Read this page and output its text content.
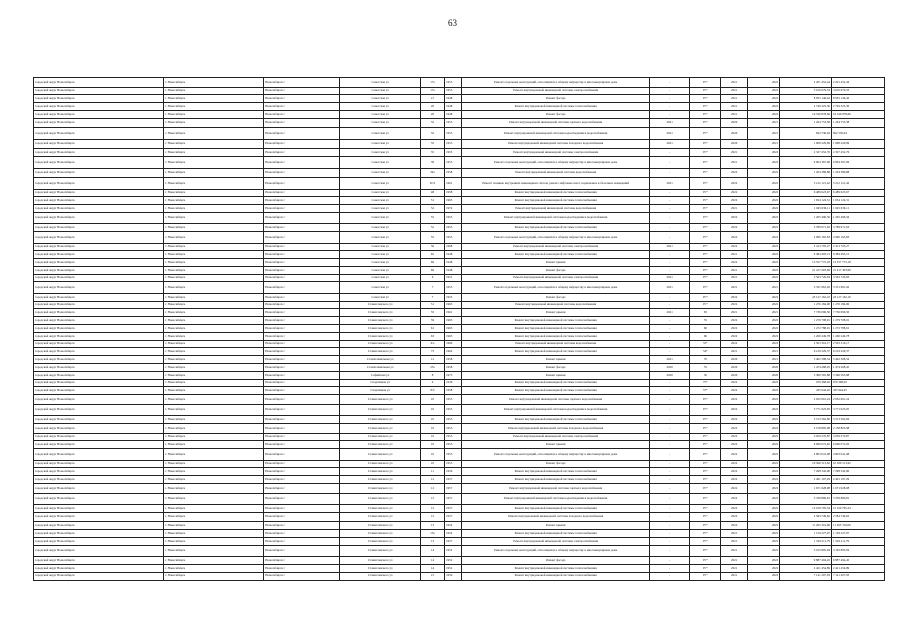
63
городской округ Новосибирск	г. Новосибирск	Новосибирск г	Советская ул	17а	1955	Ремонт отдельных конструкций, относящихся к общему имуществу в многоквартирном доме	-	IV*	2021	2022	2 201 452,44	2 201 452,44
городской округ Новосибирск	г. Новосибирск	Новосибирск г	Советская ул	17а	1955	Ремонт внутридомовой инженерной системы электроснабжения	-	IV*	2021	2022	3 610 679,33	3 610 679,33
городской округ Новосибирск	г. Новосибирск	Новосибирск г	Советская ул	21	1948	Ремонт фасада	-	IV*	2021	2022	8 955 146,42	8 955 146,42
городской округ Новосибирск	г. Новосибирск	Новосибирск г	Советская ул	26	1948	Ремонт внутридомовой инженерной системы теплоснабжения	-	IV*	2021	2022	2 749 325,30	2 749 325,30
городской округ Новосибирск	г. Новосибирск	Новосибирск г	Советская ул	26	1948	Ремонт фасада	-	IV*	2021	2022	19 549 878,66	19 549 878,66
городской округ Новосибирск	г. Новосибирск	Новосибирск г	Советская ул	32	1953	Ремонт внутридомовой инженерной системы горячего водоснабжения	2021	IV*	2020	2021	1 264 753,38	1 264 753,38
городской округ Новосибирск	г. Новосибирск	Новосибирск г	Советская ул	32	1953	Ремонт внутридомовой инженерной системы водоотведения и водоснабжения	2021	IV*	2020	2021	822 536,94	822 536,94
городской округ Новосибирск	г. Новосибирск	Новосибирск г	Советская ул	35	1953	Ремонт внутридомовой инженерной системы холодного водоснабжения	2021	IV*	2020	2021	1 908 229,99	1 908 229,99
городской округ Новосибирск	г. Новосибирск	Новосибирск г	Советская ул	35	1953	Ремонт внутридомовой инженерной системы электроснабжения	-	IV*	2021	2022	2 327 452,76	2 327 452,76
городской округ Новосибирск	г. Новосибирск	Новосибирск г	Советская ул	39	1953	Ремонт отдельных конструкций, относящихся к общему имуществу в многоквартирном доме	-	IV*	2021	2022	9 904 367,06	9 904 367,06
городской округ Новосибирск	г. Новосибирск	Новосибирск г	Советская ул	34а	1958	Ремонт внутридомовой инженерной системы водоснабжения	-	IV*	2022	2022	1 204 386,88	1 204 386,88
городской округ Новосибирск	г. Новосибирск	Новосибирск г	Советская ул	Б/Л	1961	Ремонт техники, внутренних инженерных систем, ремонт лифтовых шахт, подвальных и балочных помещений	2021	IV*	2022	2022	5 212 121,42	5 212 121,42
городской округ Новосибирск	г. Новосибирск	Новосибирск г	Советская ул	48	1958	Ремонт внутридомовой инженерной системы теплоснабжения	-	IV*	2022	2022	6 489 623,67	6 489 623,67
городской округ Новосибирск	г. Новосибирск	Новосибирск г	Советская ул	51	1963	Ремонт внутридомовой инженерной системы теплоснабжения	-	IV*	2022	2022	1 654 124,31	1 654 124,31
городской округ Новосибирск	г. Новосибирск	Новосибирск г	Советская ул	52	1974	Ремонт внутридомовой инженерной системы водоснабжения	-	IV*	2021	2022	1 945 636,11	1 945 636,11
городской округ Новосибирск	г. Новосибирск	Новосибирск г	Советская ул	55	1953	Ремонт внутридомовой инженерной системы водоотведения и водоснабжения	-	IV*	2022	2022	1 265 496,56	1 265 496,56
городской округ Новосибирск	г. Новосибирск	Новосибирск г	Советская ул	52	1953	Ремонт внутридомовой инженерной системы теплоснабжения	-	IV*	2022	2022	3 789 971,63	3 789 971,63
городской округ Новосибирск	г. Новосибирск	Новосибирск г	Советская ул	55	1953	Ремонт отдельных конструкций, относящихся к общему имуществу в многоквартирном доме	-	IV*	2022	2022	2 990 165,83	2 990 165,83
городской округ Новосибирск	г. Новосибирск	Новосибирск г	Советская ул	56	1968	Ремонт внутридомовой инженерной системы электроснабжения	2021	IV*	2022	2022	2 413 705,27	2 413 705,27
городской округ Новосибирск	г. Новосибирск	Новосибирск г	Советская ул	65	1948	Ремонт внутридомовой инженерной системы теплоснабжения	-	IV*	2021	2022	9 384 495,15	9 384 495,15
городской округ Новосибирск	г. Новосибирск	Новосибирск г	Советская ул	69	1948	Ремонт крыши	-	IV*	2022	2022	13 557 772,18	13 557 772,18
городской округ Новосибирск	г. Новосибирск	Новосибирск г	Советская ул	69	1948	Ремонт фасада	-	IV*	2021	2022	21 417 403,69	21 417 403,69
городской округ Новосибирск	г. Новосибирск	Новосибирск г	Советская ул	6	1951	Ремонт внутридомовой инженерной системы электроснабжения	2021	IV*	2021	2022	3 563 720,93	3 563 720,93
городской округ Новосибирск	г. Новосибирск	Новосибирск г	Советская ул	7	1955	Ремонт отдельных конструкций, относящихся к общему имуществу в многоквартирном доме	2021	IV*	2021	2021	3 331 981,92	3 331 981,92
городской округ Новосибирск	г. Новосибирск	Новосибирск г	Советская ул	7	1955	Ремонт фасада	-	IV*	2022	2022	43 127 162,10	43 127 162,10
городской округ Новосибирск	г. Новосибирск	Новосибирск г	Станиславского ул	51	1963	Ремонт внутридомовой инженерной системы водоснабжения	-	IV*	2022	2022	1 276 184,90	1 276 184,90
городской округ Новосибирск	г. Новосибирск	Новосибирск г	Станиславского ул	55	1961	Ремонт крыши	2021	65	2021	2021	7 736 096,50	7 736 096,50
городской округ Новосибирск	г. Новосибирск	Новосибирск г	Станиславского ул	59	1963	Ремонт внутридомовой инженерной системы теплоснабжения	-	55	2022	2022	1 279 708,91	1 279 708,91
городской округ Новосибирск	г. Новосибирск	Новосибирск г	Станиславского ул	61	1963	Ремонт внутридомовой инженерной системы теплоснабжения	-	60	2022	2022	1 272 788,91	1 272 788,91
городской округ Новосибирск	г. Новосибирск	Новосибирск г	Станиславского ул	63	1963	Ремонт внутридомовой инженерной системы теплоснабжения	-	60	2022	2022	1 260 249,78	1 260 249,78
городской округ Новосибирск	г. Новосибирск	Новосибирск г	Станиславского ул	6/а	1960	Ремонт внутридомовой инженерной системы водоснабжения	-	55*	2022	2022	2 503 316,17	2 503 316,17
городской округ Новосибирск	г. Новосибирск	Новосибирск г	Станиславского ул	75	1964	Ремонт внутридомовой инженерной системы теплоснабжения	-	54*	2021	2021	6 219 229,37	6 219 229,37
городской округ Новосибирск	г. Новосибирск	Новосибирск г	Сталеплавильная ул	12	1958	Ремонт крыши	2021	70	2020	2021	5 402 308,34	5 402 308,34
городской округ Новосибирск	г. Новосибирск	Новосибирск г	Сталеплавильная ул	23а	1958	Ремонт фасада	2020	55	2020	2020	1 474 268,45	1 474 268,45
городской округ Новосибирск	г. Новосибирск	Новосибирск г	Софийская ул	8	1973	Ремонт крыши	2020	50	2020	2020	5 366 565,88	5 366 565,88
городской округ Новосибирск	г. Новосибирск	Новосибирск г	Спортивная ул	4	1936	Ремонт внутридомовой инженерной системы теплоснабжения	-	75*	2022	2022	979 368,92	979 368,92
городской округ Новосибирск	г. Новосибирск	Новосибирск г	Спортивная ул	8/б	1958	Ремонт внутридомовой инженерной системы теплоснабжения	-	57*	2022	2022	435 944,45	435 944,45
городской округ Новосибирск	г. Новосибирск	Новосибирск г	Станиславского ул	10	1955	Ремонт внутридомовой инженерной системы горячего водоснабжения	-	IV*	2022	2022	2 952 601,24	2 952 601,24
городской округ Новосибирск	г. Новосибирск	Новосибирск г	Станиславского ул	10	1955	Ремонт внутридомовой инженерной системы водоотведения и водоснабжения	-	IV*	2022	2022	3 771 925,95	3 771 925,95
городской округ Новосибирск	г. Новосибирск	Новосибирск г	Станиславского ул	10	1955	Ремонт внутридомовой инженерной системы теплоснабжения	-	IV*	2022	2022	3 513 562,66	3 513 562,66
городской округ Новосибирск	г. Новосибирск	Новосибирск г	Станиславского ул	10	1955	Ремонт внутридомовой инженерной системы холодного водоснабжения	-	IV*	2022	2022	2 158 805,98	2 158 805,98
городской округ Новосибирск	г. Новосибирск	Новосибирск г	Станиславского ул	10	1955	Ремонт внутридомовой инженерной системы электроснабжения	-	IV*	2022	2022	3 059 270,87	3 059 270,87
городской округ Новосибирск	г. Новосибирск	Новосибирск г	Станиславского ул	10	1955	Ремонт крыши	-	IV*	2022	2022	6 966 072,92	6 966 072,92
городской округ Новосибирск	г. Новосибирск	Новосибирск г	Станиславского ул	10	1955	Ремонт отдельных конструкций, относящихся к общему имуществу в многоквартирном доме	-	IV*	2022	2022	4 803 041,98	4 803 041,98
городской округ Новосибирск	г. Новосибирск	Новосибирск г	Станиславского ул	10	1955	Ремонт фасада	-	IV*	2022	2022	10 566 513,62	10 566 513,62
городской округ Новосибирск	г. Новосибирск	Новосибирск г	Станиславского ул	11	1956	Ремонт внутридомовой инженерной системы теплоснабжения	-	IV*	2022	2022	7 298 342,90	7 298 342,90
городской округ Новосибирск	г. Новосибирск	Новосибирск г	Станиславского ул	12	1957	Ремонт внутридомовой инженерной системы теплоснабжения	-	IV*	2022	2022	2 491 197,29	2 491 197,29
городской округ Новосибирск	г. Новосибирск	Новосибирск г	Станиславского ул	12	1957	Ремонт внутридомовой инженерной системы горячего водоснабжения	-	IV*	2022	2022	1 671 928,08	1 671 928,08
городской округ Новосибирск	г. Новосибирск	Новосибирск г	Станиславского ул	12	1957	Ремонт внутридомовой инженерной системы водоотведения и водоснабжения	-	IV*	2022	2022	3 339 869,81	3 339 869,81
городской округ Новосибирск	г. Новосибирск	Новосибирск г	Станиславского ул	12	1957	Ремонт внутридомовой инженерной системы теплоснабжения	-	IV*	2022	2022	12 109 795,34	12 109 795,34
городской округ Новосибирск	г. Новосибирск	Новосибирск г	Станиславского ул	12	1957	Ремонт внутридомовой инженерной системы холодного водоснабжения	-	IV*	2022	2022	2 584 749,62	2 584 749,62
городской округ Новосибирск	г. Новосибирск	Новосибирск г	Станиславского ул	13	1954	Ремонт крыши	-	IV*	2022	2022	11 265 316,06	11 265 316,06
городской округ Новосибирск	г. Новосибирск	Новосибирск г	Станиславского ул	13а	1954	Ремонт внутридомовой инженерной системы теплоснабжения	-	IV*	2021	2022	1 159 227,97	1 159 227,97
городской округ Новосибирск	г. Новосибирск	Новосибирск г	Станиславского ул	13	1957	Ремонт внутридомовой инженерной системы электроснабжения	-	IV*	2021	2022	1 529 211,79	1 529 211,79
городской округ Новосибирск	г. Новосибирск	Новосибирск г	Станиславского ул	14	1952	Ремонт отдельных конструкций, относящихся к общему имуществу в многоквартирном доме	-	IV*	2021	2022	3 165 895,04	3 165 895,04
городской округ Новосибирск	г. Новосибирск	Новосибирск г	Станиславского ул	14	1952	Ремонт фасада	-	IV*	2021	2022	9 887 494,45	9 887 494,45
городской округ Новосибирск	г. Новосибирск	Новосибирск г	Станиславского ул	14	1952	Ремонт внутридомовой инженерной системы теплоснабжения	-	IV*	2021	2022	2 421 454,89	2 421 454,89
городской округ Новосибирск	г. Новосибирск	Новосибирск г	Станиславского ул	15	1950	Ремонт внутридомовой инженерной системы теплоснабжения	-	IV*	2021	2022	7 141 207,93	7 141 207,93
